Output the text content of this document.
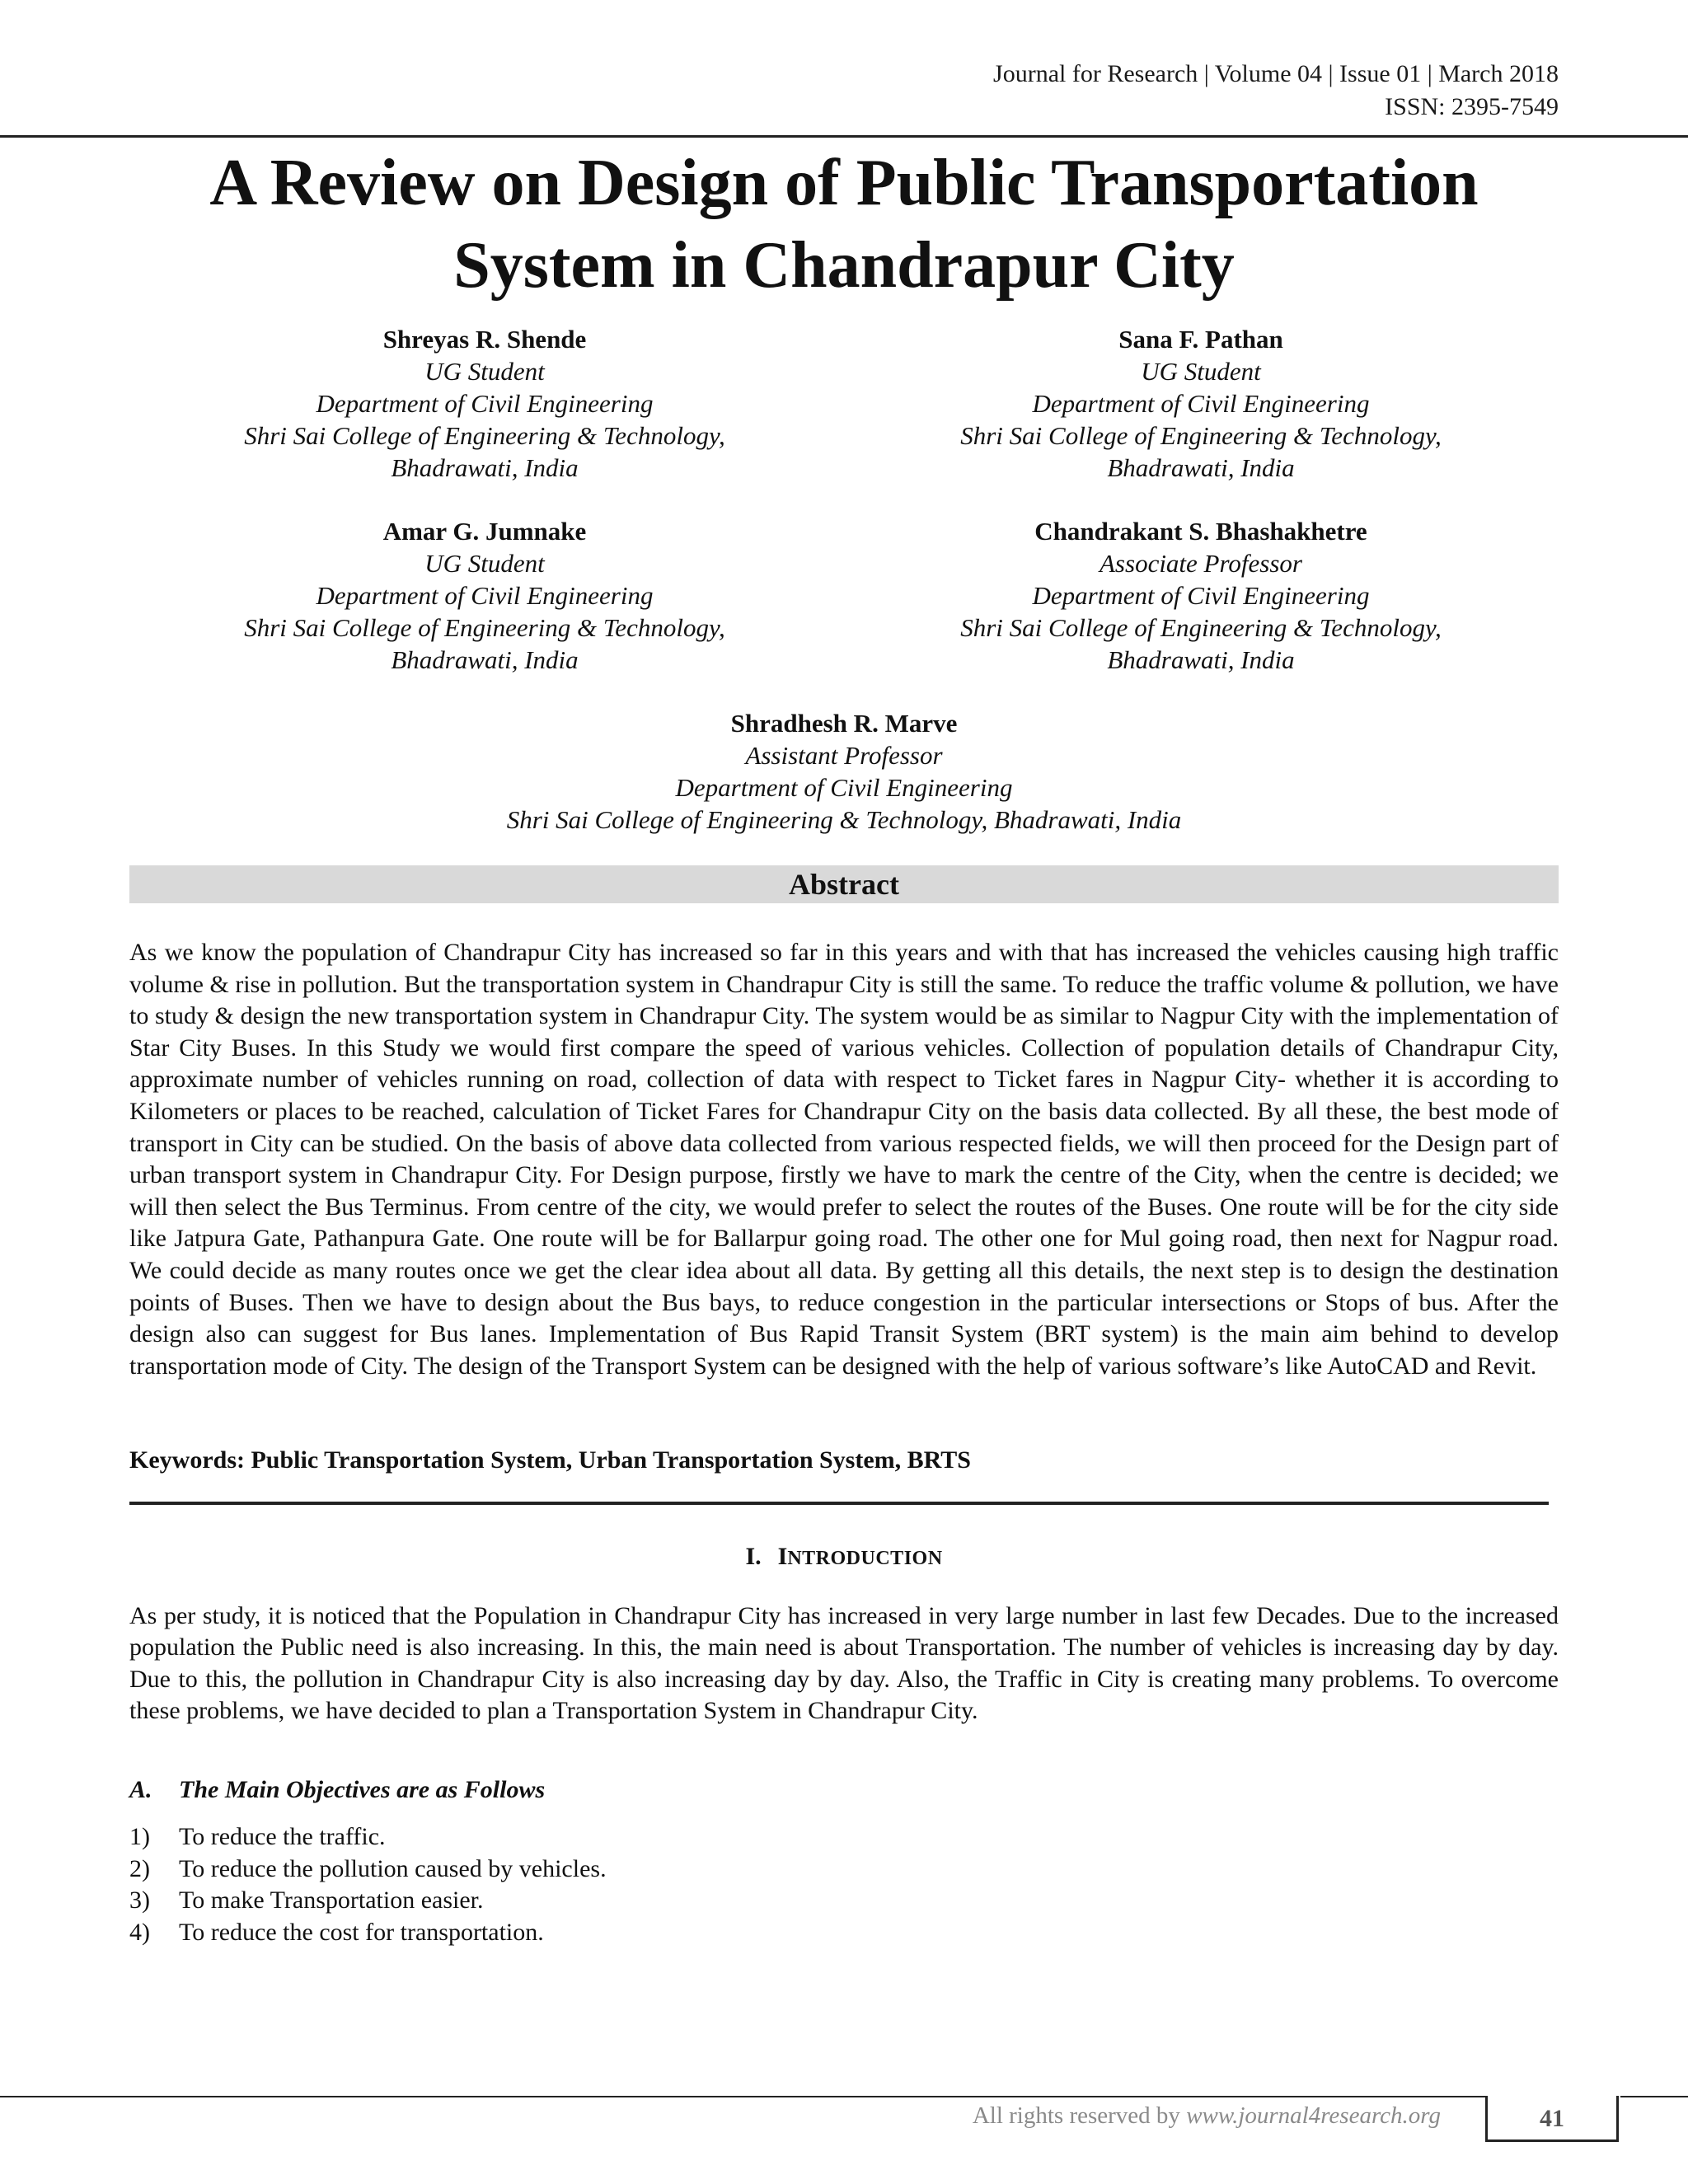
Journal for Research | Volume 04 | Issue 01 | March 2018
ISSN: 2395-7549
A Review on Design of Public Transportation System in Chandrapur City
Shreyas R. Shende
UG Student
Department of Civil Engineering
Shri Sai College of Engineering & Technology,
Bhadrawati, India
Sana F. Pathan
UG Student
Department of Civil Engineering
Shri Sai College of Engineering & Technology,
Bhadrawati, India
Amar G. Jumnake
UG Student
Department of Civil Engineering
Shri Sai College of Engineering & Technology,
Bhadrawati, India
Chandrakant S. Bhashakhetre
Associate Professor
Department of Civil Engineering
Shri Sai College of Engineering & Technology,
Bhadrawati, India
Shradhesh R. Marve
Assistant Professor
Department of Civil Engineering
Shri Sai College of Engineering & Technology, Bhadrawati, India
Abstract

As we know the population of Chandrapur City has increased so far in this years and with that has increased the vehicles causing high traffic volume & rise in pollution. But the transportation system in Chandrapur City is still the same. To reduce the traffic volume & pollution, we have to study & design the new transportation system in Chandrapur City. The system would be as similar to Nagpur City with the implementation of Star City Buses. In this Study we would first compare the speed of various vehicles. Collection of population details of Chandrapur City, approximate number of vehicles running on road, collection of data with respect to Ticket fares in Nagpur City- whether it is according to Kilometers or places to be reached, calculation of Ticket Fares for Chandrapur City on the basis data collected. By all these, the best mode of transport in City can be studied. On the basis of above data collected from various respected fields, we will then proceed for the Design part of urban transport system in Chandrapur City. For Design purpose, firstly we have to mark the centre of the City, when the centre is decided; we will then select the Bus Terminus. From centre of the city, we would prefer to select the routes of the Buses. One route will be for the city side like Jatpura Gate, Pathanpura Gate. One route will be for Ballarpur going road. The other one for Mul going road, then next for Nagpur road. We could decide as many routes once we get the clear idea about all data. By getting all this details, the next step is to design the destination points of Buses. Then we have to design about the Bus bays, to reduce congestion in the particular intersections or Stops of bus. After the design also can suggest for Bus lanes. Implementation of Bus Rapid Transit System (BRT system) is the main aim behind to develop transportation mode of City. The design of the Transport System can be designed with the help of various software’s like AutoCAD and Revit.

Keywords: Public Transportation System, Urban Transportation System, BRTS
I. INTRODUCTION

As per study, it is noticed that the Population in Chandrapur City has increased in very large number in last few Decades. Due to the increased population the Public need is also increasing. In this, the main need is about Transportation. The number of vehicles is increasing day by day. Due to this, the pollution in Chandrapur City is also increasing day by day. Also, the Traffic in City is creating many problems. To overcome these problems, we have decided to plan a Transportation System in Chandrapur City.

A. The Main Objectives are as Follows
1) To reduce the traffic.
2) To reduce the pollution caused by vehicles.
3) To make Transportation easier.
4) To reduce the cost for transportation.
All rights reserved by www.journal4research.org	41
